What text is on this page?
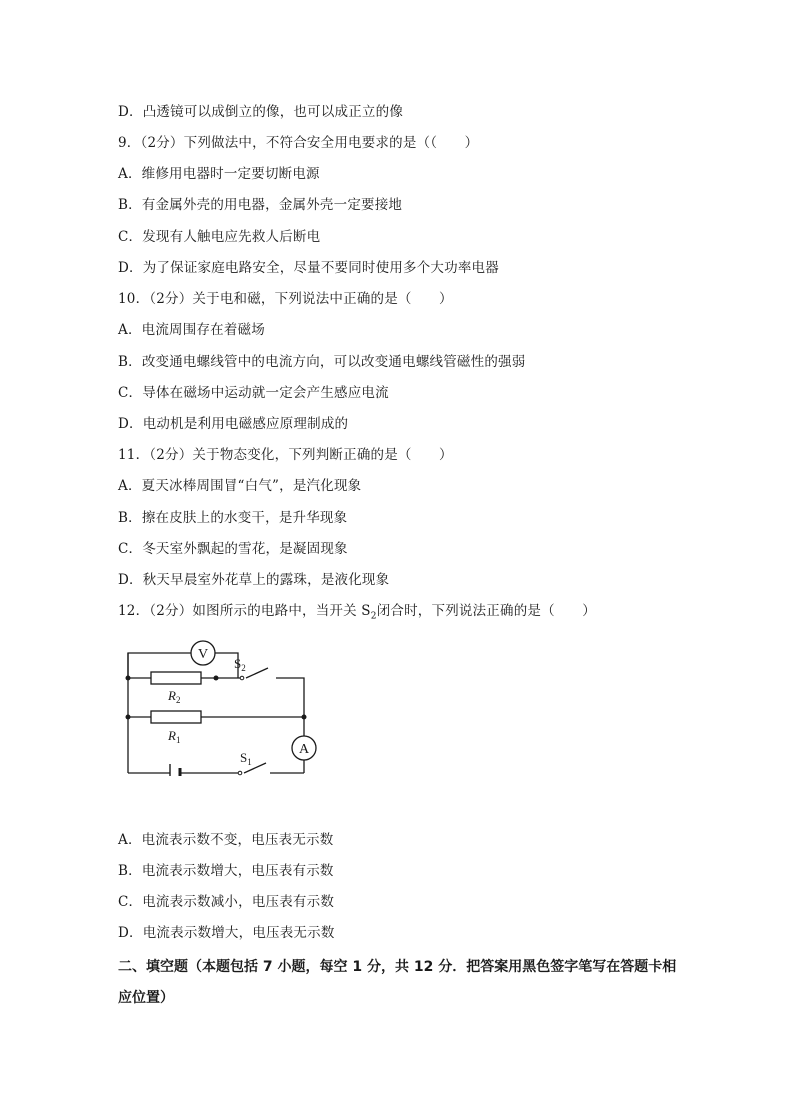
D．凸透镜可以成倒立的像，也可以成正立的像
9．（2分）下列做法中，不符合安全用电要求的是（（　　）
A．维修用电器时一定要切断电源
B．有金属外壳的用电器，金属外壳一定要接地
C．发现有人触电应先救人后断电
D．为了保证家庭电路安全，尽量不要同时使用多个大功率电器
10．（2分）关于电和磁，下列说法中正确的是（　　）
A．电流周围存在着磁场
B．改变通电螺线管中的电流方向，可以改变通电螺线管磁性的强弱
C．导体在磁场中运动就一定会产生感应电流
D．电动机是利用电磁感应原理制成的
11．（2分）关于物态变化，下列判断正确的是（　　）
A．夏天冰棒周围冒“白气”，是汽化现象
B．擦在皮肤上的水变干，是升华现象
C．冬天室外飘起的雪花，是凝固现象
D．秋天早晨室外花草上的露珠，是液化现象
12．（2分）如图所示的电路中，当开关 $S_2$闭合时，下列说法正确的是（　　）
V
A
$S_2$
$S_1$
$R_2$
$R_1$
A．电流表示数不变，电压表无示数
B．电流表示数增大，电压表有示数
C．电流表示数减小，电压表有示数
D．电流表示数增大，电压表无示数
二、填空题（本题包括 7 小题，每空 1 分，共 12 分．把答案用黑色签字笔写在答题卡相应位置）
